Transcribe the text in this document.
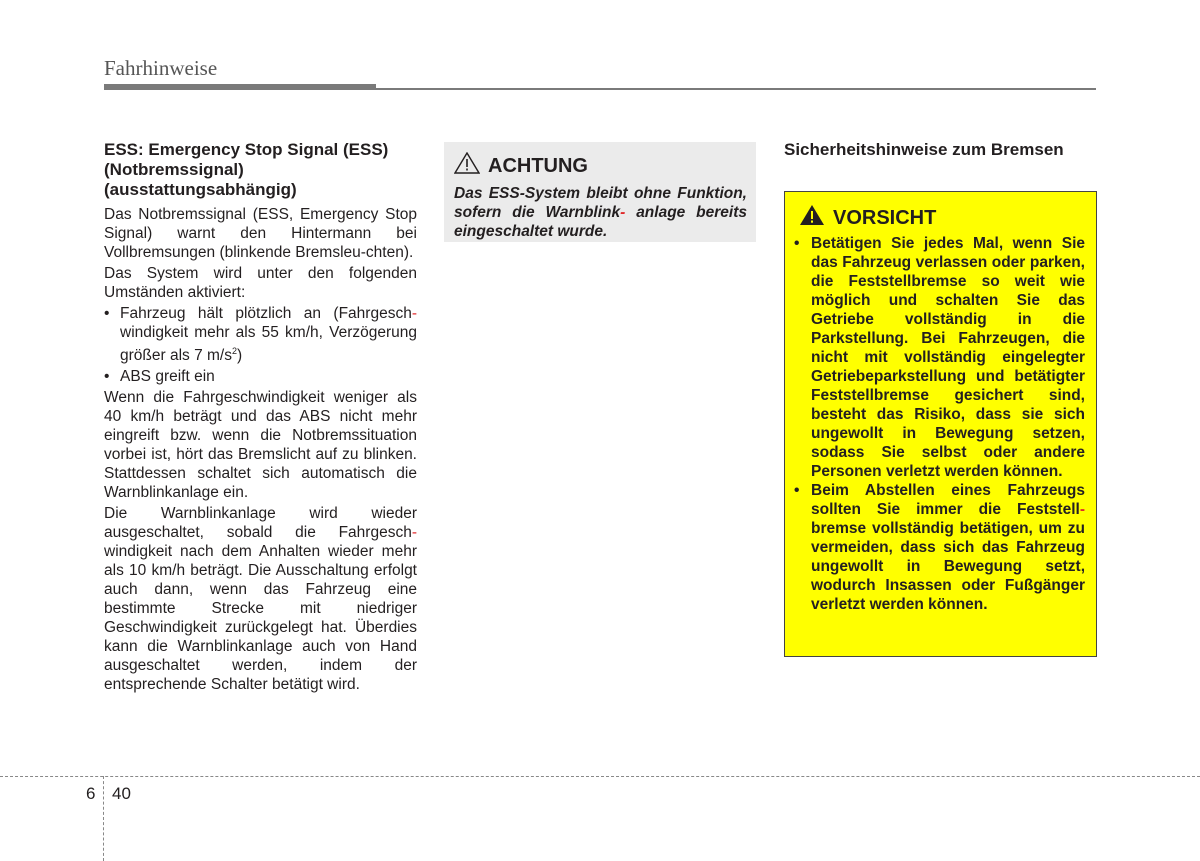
Fahrhinweise
ESS: Emergency Stop Signal (ESS) (Notbremssignal) (ausstattungsabhängig)

Das Notbremssignal (ESS, Emergency Stop Signal) warnt den Hintermann bei Vollbremsungen (blinkende Bremsleu-chten).

Das System wird unter den folgenden Umständen aktiviert:

• Fahrzeug hält plötzlich an (Fahrgesch-windigkeit mehr als 55 km/h, Verzögerung größer als 7 $m/s^2$)
• ABS greift ein

Wenn die Fahrgeschwindigkeit weniger als 40 km/h beträgt und das ABS nicht mehr eingreift bzw. wenn die Notbremssituation vorbei ist, hört das Bremslicht auf zu blinken. Stattdessen schaltet sich automatisch die Warnblinkanlage ein.

Die Warnblinkanlage wird wieder ausgeschaltet, sobald die Fahrgesch-windigkeit nach dem Anhalten wieder mehr als 10 km/h beträgt. Die Ausschaltung erfolgt auch dann, wenn das Fahrzeug eine bestimmte Strecke mit niedriger Geschwindigkeit zurückgelegt hat. Überdies kann die Warnblinkanlage auch von Hand ausgeschaltet werden, indem der entsprechende Schalter betätigt wird.

ACHTUNG
Das ESS-System bleibt ohne Funktion, sofern die Warnblink- anlage bereits eingeschaltet wurde.
Sicherheitshinweise zum Bremsen
VORSICHT
• Betätigen Sie jedes Mal, wenn Sie das Fahrzeug verlassen oder parken, die Feststellbremse so weit wie möglich und schalten Sie das Getriebe vollständig in die Parkstellung. Bei Fahrzeugen, die nicht mit vollständig eingelegter Getriebeparkstellung und betätigter Feststellbremse gesichert sind, besteht das Risiko, dass sie sich ungewollt in Bewegung setzen, sodass Sie selbst oder andere Personen verletzt werden können.
• Beim Abstellen eines Fahrzeugs sollten Sie immer die Feststell-bremse vollständig betätigen, um zu vermeiden, dass sich das Fahrzeug ungewollt in Bewegung setzt, wodurch Insassen oder Fußgänger verletzt werden können.
6 40
